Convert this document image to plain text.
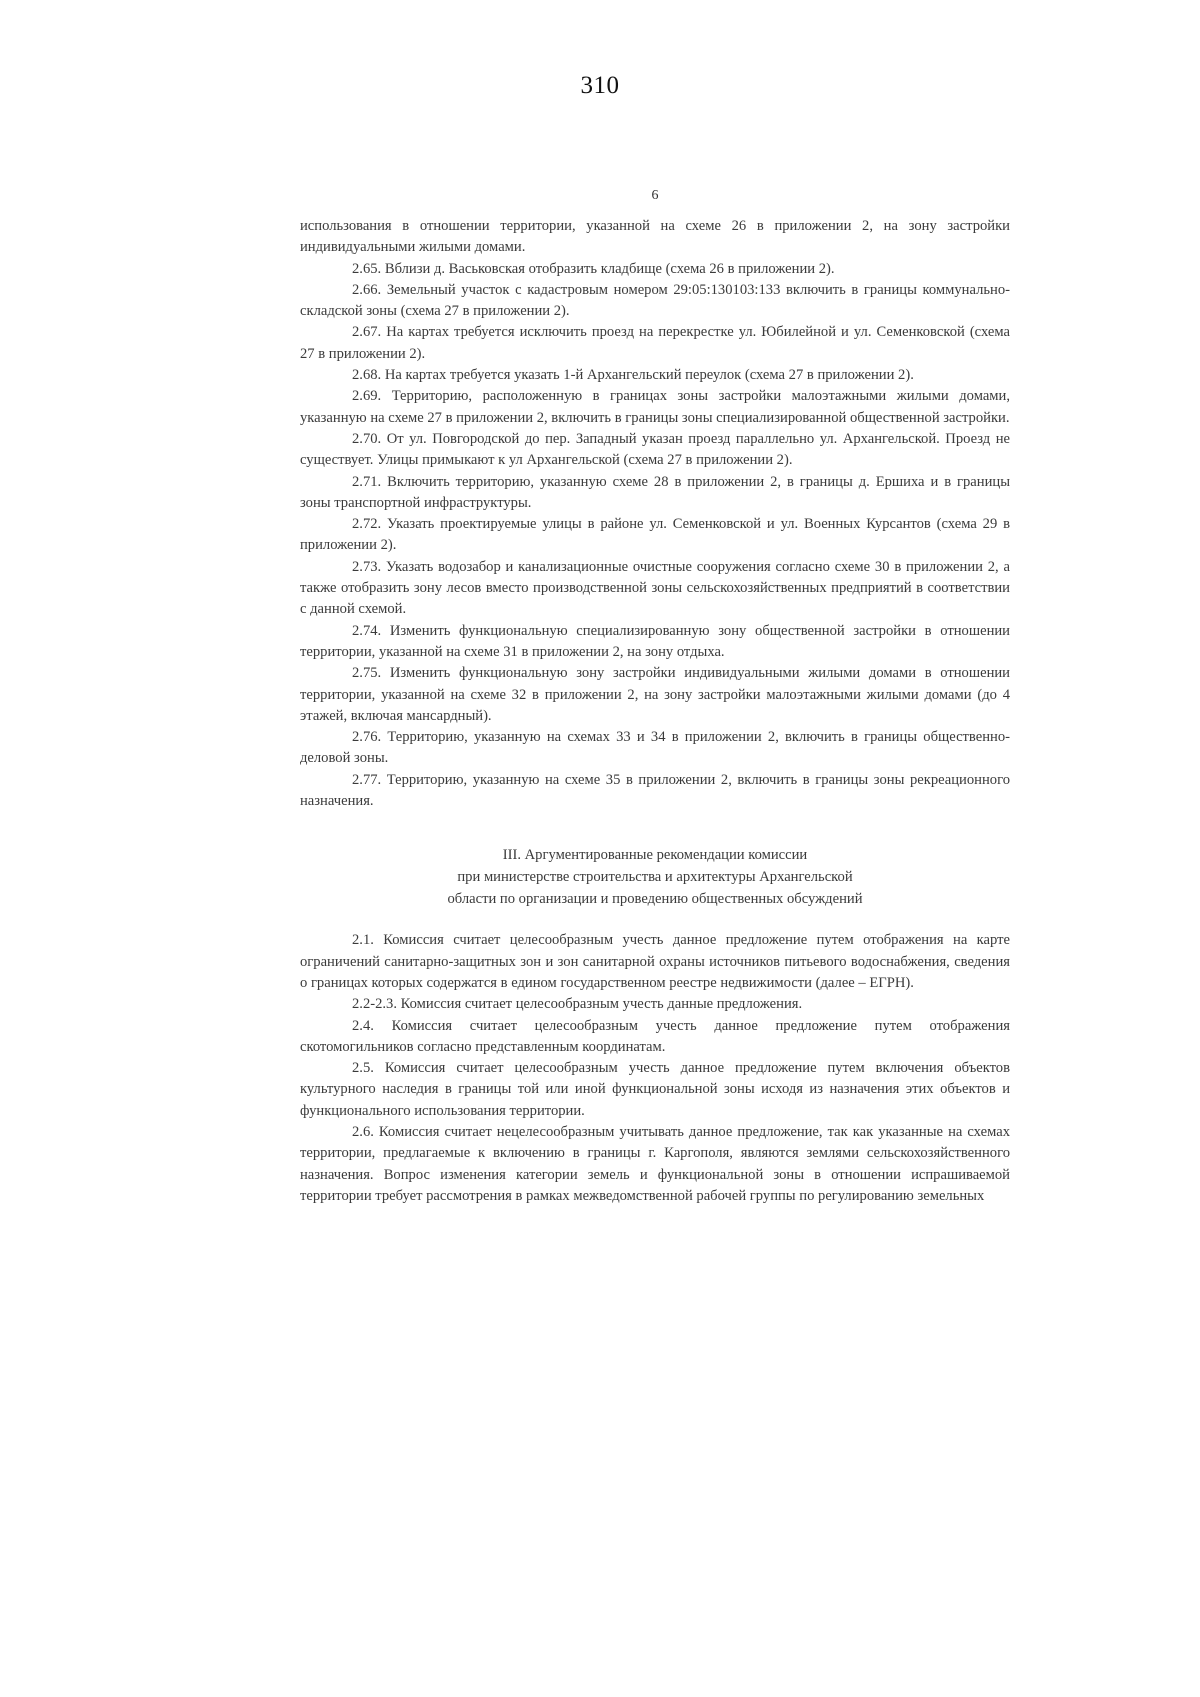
310
6

использования в отношении территории, указанной на схеме 26 в приложении 2, на зону застройки индивидуальными жилыми домами.

2.65. Вблизи д. Васьковская отобразить кладбище (схема 26 в приложении 2).

2.66. Земельный участок с кадастровым номером 29:05:130103:133 включить в границы коммунально-складской зоны (схема 27 в приложении 2).

2.67. На картах требуется исключить проезд на перекрестке ул. Юбилейной и ул. Семенковской (схема 27 в приложении 2).

2.68. На картах требуется указать 1-й Архангельский переулок (схема 27 в приложении 2).

2.69. Территорию, расположенную в границах зоны застройки малоэтажными жилыми домами, указанную на схеме 27 в приложении 2, включить в границы зоны специализированной общественной застройки.

2.70. От ул. Повгородской до пер. Западный указан проезд параллельно ул. Архангельской. Проезд не существует. Улицы примыкают к ул Архангельской (схема 27 в приложении 2).

2.71. Включить территорию, указанную схеме 28 в приложении 2, в границы д. Ершиха и в границы зоны транспортной инфраструктуры.

2.72. Указать проектируемые улицы в районе ул. Семенковской и ул. Военных Курсантов (схема 29 в приложении 2).

2.73. Указать водозабор и канализационные очистные сооружения согласно схеме 30 в приложении 2, а также отобразить зону лесов вместо производственной зоны сельскохозяйственных предприятий в соответствии с данной схемой.

2.74. Изменить функциональную специализированную зону общественной застройки в отношении территории, указанной на схеме 31 в приложении 2, на зону отдыха.

2.75. Изменить функциональную зону застройки индивидуальными жилыми домами в отношении территории, указанной на схеме 32 в приложении 2, на зону застройки малоэтажными жилыми домами (до 4 этажей, включая мансардный).

2.76. Территорию, указанную на схемах 33 и 34 в приложении 2, включить в границы общественно-деловой зоны.

2.77. Территорию, указанную на схеме 35 в приложении 2, включить в границы зоны рекреационного назначения.

III. Аргументированные рекомендации комиссии

при министерстве строительства и архитектуры Архангельской

области по организации и проведению общественных обсуждений

2.1. Комиссия считает целесообразным учесть данное предложение путем отображения на карте ограничений санитарно-защитных зон и зон санитарной охраны источников питьевого водоснабжения, сведения о границах которых содержатся в едином государственном реестре недвижимости (далее – ЕГРН).

2.2-2.3. Комиссия считает целесообразным учесть данные предложения.

2.4. Комиссия считает целесообразным учесть данное предложение путем отображения скотомогильников согласно представленным координатам.

2.5. Комиссия считает целесообразным учесть данное предложение путем включения объектов культурного наследия в границы той или иной функциональной зоны исходя из назначения этих объектов и функционального использования территории.

2.6. Комиссия считает нецелесообразным учитывать данное предложение, так как указанные на схемах территории, предлагаемые к включению в границы г. Каргополя, являются землями сельскохозяйственного назначения. Вопрос изменения категории земель и функциональной зоны в отношении испрашиваемой территории требует рассмотрения в рамках межведомственной рабочей группы по регулированию земельных
